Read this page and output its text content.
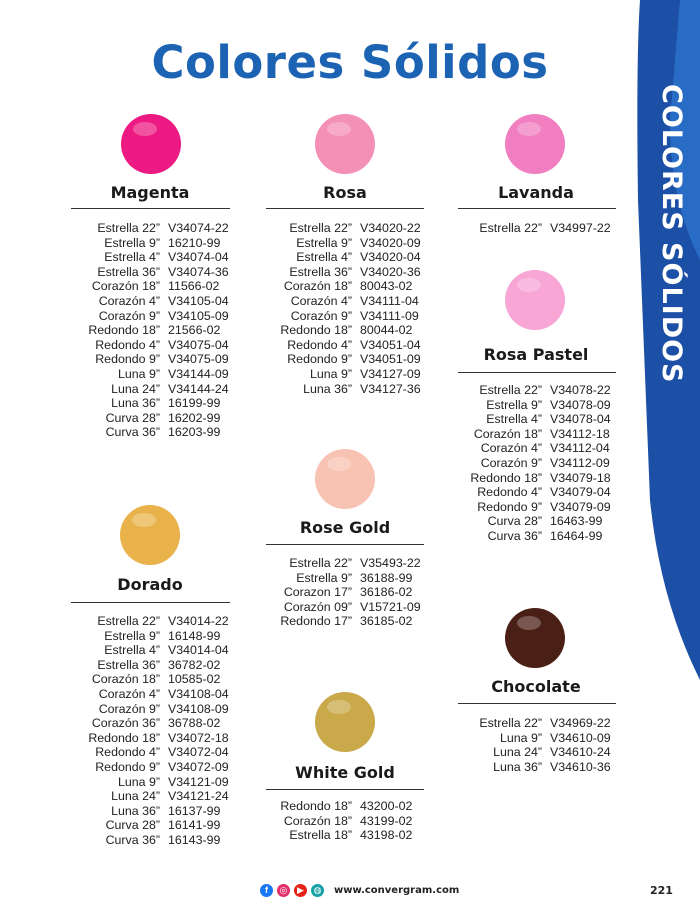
COLORES SÓLIDOS
Colores Sólidos
Magenta
Estrella 22” V34074-22
Estrella 9” 16210-99
Estrella 4” V34074-04
Estrella 36” V34074-36
Corazón 18” 11566-02
Corazón 4” V34105-04
Corazón 9” V34105-09
Redondo 18” 21566-02
Redondo 4” V34075-04
Redondo 9” V34075-09
Luna 9” V34144-09
Luna 24” V34144-24
Luna 36” 16199-99
Curva 28” 16202-99
Curva 36” 16203-99
Rosa
Estrella 22” V34020-22
Estrella 9” V34020-09
Estrella 4” V34020-04
Estrella 36” V34020-36
Corazón 18” 80043-02
Corazón 4” V34111-04
Corazón 9” V34111-09
Redondo 18” 80044-02
Redondo 4” V34051-04
Redondo 9” V34051-09
Luna 9” V34127-09
Luna 36” V34127-36
Lavanda
Estrella 22” V34997-22
Rosa Pastel
Estrella 22” V34078-22
Estrella 9” V34078-09
Estrella 4” V34078-04
Corazón 18” V34112-18
Corazón 4” V34112-04
Corazón 9” V34112-09
Redondo 18” V34079-18
Redondo 4” V34079-04
Redondo 9” V34079-09
Curva 28” 16463-99
Curva 36” 16464-99
Rose Gold
Estrella 22” V35493-22
Estrella 9” 36188-99
Corazon 17” 36186-02
Corazón 09” V15721-09
Redondo 17” 36185-02
Dorado
Estrella 22” V34014-22
Estrella 9” 16148-99
Estrella 4” V34014-04
Estrella 36” 36782-02
Corazón 18” 10585-02
Corazón 4” V34108-04
Corazón 9” V34108-09
Corazón 36” 36788-02
Redondo 18” V34072-18
Redondo 4” V34072-04
Redondo 9” V34072-09
Luna 9” V34121-09
Luna 24” V34121-24
Luna 36” 16137-99
Curva 28” 16141-99
Curva 36” 16143-99
White Gold
Redondo 18” 43200-02
Corazón 18” 43199-02
Estrella 18” 43198-02
Chocolate
Estrella 22” V34969-22
Luna 9” V34610-09
Luna 24” V34610-24
Luna 36” V34610-36
f	◎	▶	◍ www.convergram.com	221
